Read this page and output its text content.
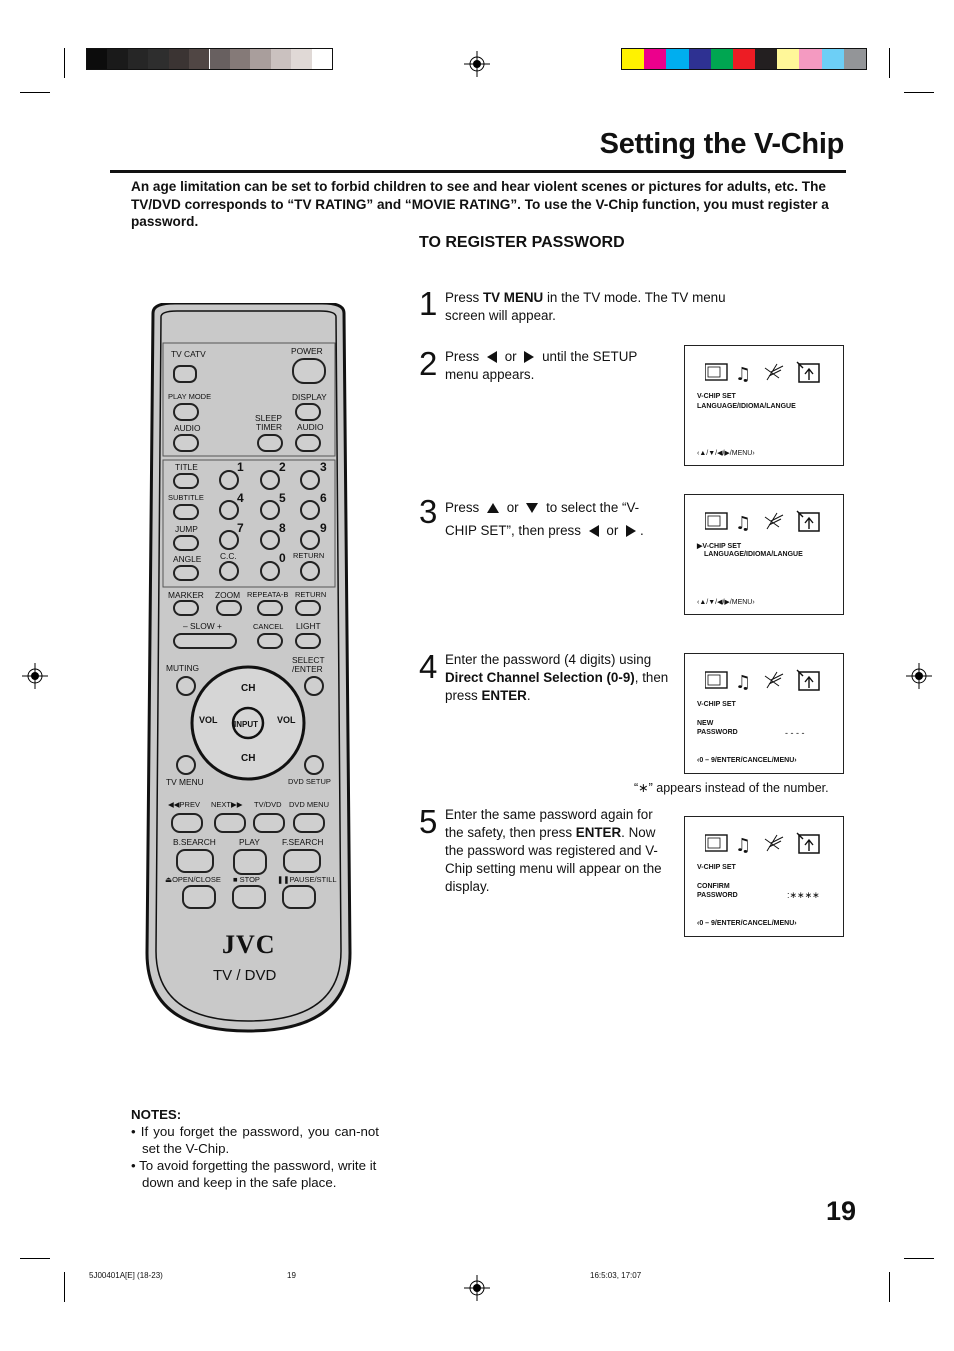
Setting the V-Chip
An age limitation can be set to forbid children to see and hear violent scenes or pictures for adults, etc. The TV/DVD corresponds to “TV RATING” and “MOVIE RATING”. To use the V-Chip function, you must register a password.
TO REGISTER PASSWORD
1 Press TV MENU in the TV mode. The TV menu screen will appear.
2 Press  or  until the SETUP menu appears.
3 Press  or  to select the “V-CHIP SET”, then press  or .
4 Enter the password (4 digits) using Direct Channel Selection (0-9), then press ENTER.
5 Enter the same password again for the safety, then press ENTER. Now the password was registered and V-Chip setting menu will appear on the display.
V-CHIP SET
LANGUAGE/IDIOMA/LANGUE
‹▲/▼/◀/▶/MENU›
▶V-CHIP SET
LANGUAGE/IDIOMA/LANGUE
‹▲/▼/◀/▶/MENU›
V-CHIP SET
NEW
PASSWORD	- - - -
‹0 – 9/ENTER/CANCEL/MENU›
“∗” appears instead of the number.
V-CHIP SET
CONFIRM
PASSWORD	:∗∗∗∗
‹0 – 9/ENTER/CANCEL/MENU›
TV CATV	POWER
PLAY MODE	DISPLAY
AUDIO
SLEEP
TIMER AUDIO
TITLE
SUBTITLE
JUMP
ANGLE
1	2	3
4	5	6
7	8	9
C.C.	0 RETURN
MARKER ZOOM REPEATA-B RETURN
– SLOW +	CANCEL LIGHT
MUTING
SELECT
/ENTER
CH
CH
VOL	VOL
INPUT
TV MENU	DVD SETUP
◀◀PREV NEXT▶▶ TV/DVD DVD MENU
B.SEARCH	PLAY	F.SEARCH
⏏OPEN/CLOSE ■ STOP ❚❚PAUSE/STILL
JVC
TV / DVD
NOTES:
• If you forget the password, you can-not set the V-Chip.
• To avoid forgetting the password, write it down and keep in the safe place.
19
5J00401A[E] (18-23)	19	16:5:03, 17:07
